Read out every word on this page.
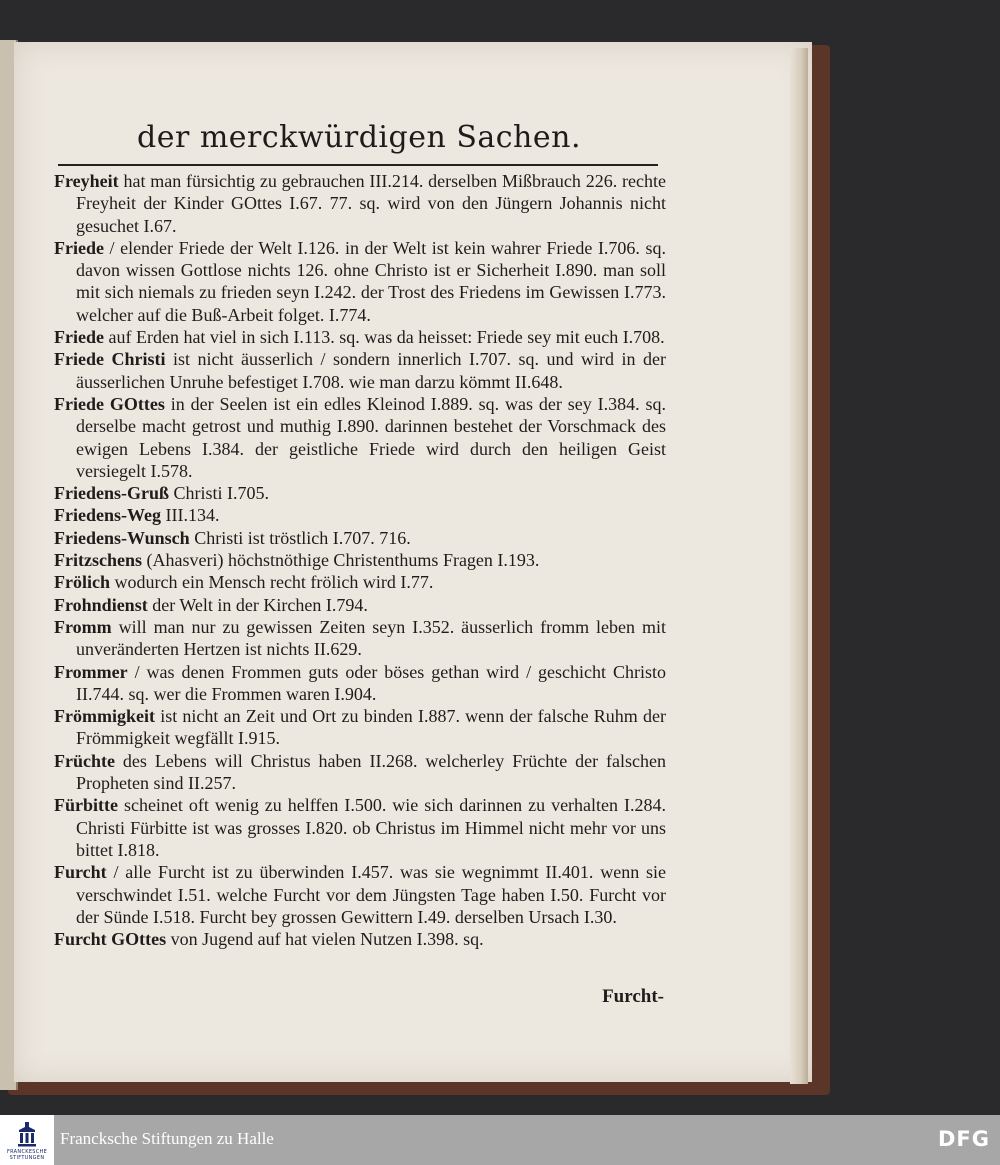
der merckwürdigen Sachen.

Freyheit hat man fürsichtig zu gebrauchen III.214. derselben Mißbrauch 226. rechte Freyheit der Kinder GOttes I.67. 77. sq. wird von den Jüngern Johannis nicht gesuchet I.67.

Friede / elender Friede der Welt I.126. in der Welt ist kein wahrer Friede I.706. sq. davon wissen Gottlose nichts 126. ohne Christo ist er Sicherheit I.890. man soll mit sich niemals zu frieden seyn I.242. der Trost des Friedens im Gewissen I.773. welcher auf die Buß-Arbeit folget. I.774.

Friede auf Erden hat viel in sich I.113. sq. was da heisset: Friede sey mit euch I.708.

Friede Christi ist nicht äusserlich / sondern innerlich I.707. sq. und wird in der äusserlichen Unruhe befestiget I.708. wie man darzu kömmt II.648.

Friede GOttes in der Seelen ist ein edles Kleinod I.889. sq. was der sey I.384. sq. derselbe macht getrost und muthig I.890. darinnen bestehet der Vorschmack des ewigen Lebens I.384. der geistliche Friede wird durch den heiligen Geist versiegelt I.578.

Friedens-Gruß Christi I.705.

Friedens-Weg III.134.

Friedens-Wunsch Christi ist tröstlich I.707. 716.

Fritzschens (Ahasveri) höchstnöthige Christenthums Fragen I.193.

Frölich wodurch ein Mensch recht frölich wird I.77.

Frohndienst der Welt in der Kirchen I.794.

Fromm will man nur zu gewissen Zeiten seyn I.352. äusserlich fromm leben mit unveränderten Hertzen ist nichts II.629.

Frommer / was denen Frommen guts oder böses gethan wird / geschicht Christo II.744. sq. wer die Frommen waren I.904.

Frömmigkeit ist nicht an Zeit und Ort zu binden I.887. wenn der falsche Ruhm der Frömmigkeit wegfällt I.915.

Früchte des Lebens will Christus haben II.268. welcherley Früchte der falschen Propheten sind II.257.

Fürbitte scheinet oft wenig zu helffen I.500. wie sich darinnen zu verhalten I.284. Christi Fürbitte ist was grosses I.820. ob Christus im Himmel nicht mehr vor uns bittet I.818.

Furcht / alle Furcht ist zu überwinden I.457. was sie wegnimmt II.401. wenn sie verschwindet I.51. welche Furcht vor dem Jüngsten Tage haben I.50. Furcht vor der Sünde I.518. Furcht bey grossen Gewittern I.49. derselben Ursach I.30.

Furcht GOttes von Jugend auf hat vielen Nutzen I.398. sq.

Furcht-
FRANCKESCHE
STIFTUNGEN
Francksche Stiftungen zu Halle	DFG
